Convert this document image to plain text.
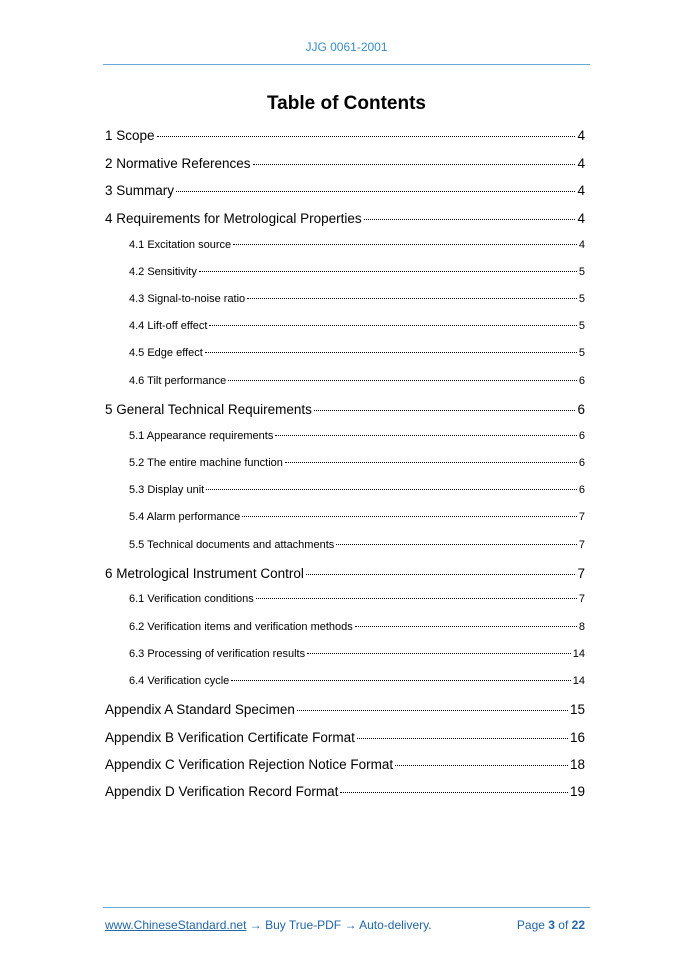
JJG 0061-2001
Table of Contents
1 Scope	4
2 Normative References	4
3 Summary	4
4 Requirements for Metrological Properties	4
4.1 Excitation source	4
4.2 Sensitivity	5
4.3 Signal-to-noise ratio	5
4.4 Lift-off effect	5
4.5 Edge effect	5
4.6 Tilt performance	6
5 General Technical Requirements	6
5.1 Appearance requirements	6
5.2 The entire machine function	6
5.3 Display unit	6
5.4 Alarm performance	7
5.5 Technical documents and attachments	7
6 Metrological Instrument Control	7
6.1 Verification conditions	7
6.2 Verification items and verification methods	8
6.3 Processing of verification results	14
6.4 Verification cycle	14
Appendix A Standard Specimen	15
Appendix B Verification Certificate Format	16
Appendix C Verification Rejection Notice Format	18
Appendix D Verification Record Format	19
www.ChineseStandard.net → Buy True-PDF → Auto-delivery.	Page 3 of 22
